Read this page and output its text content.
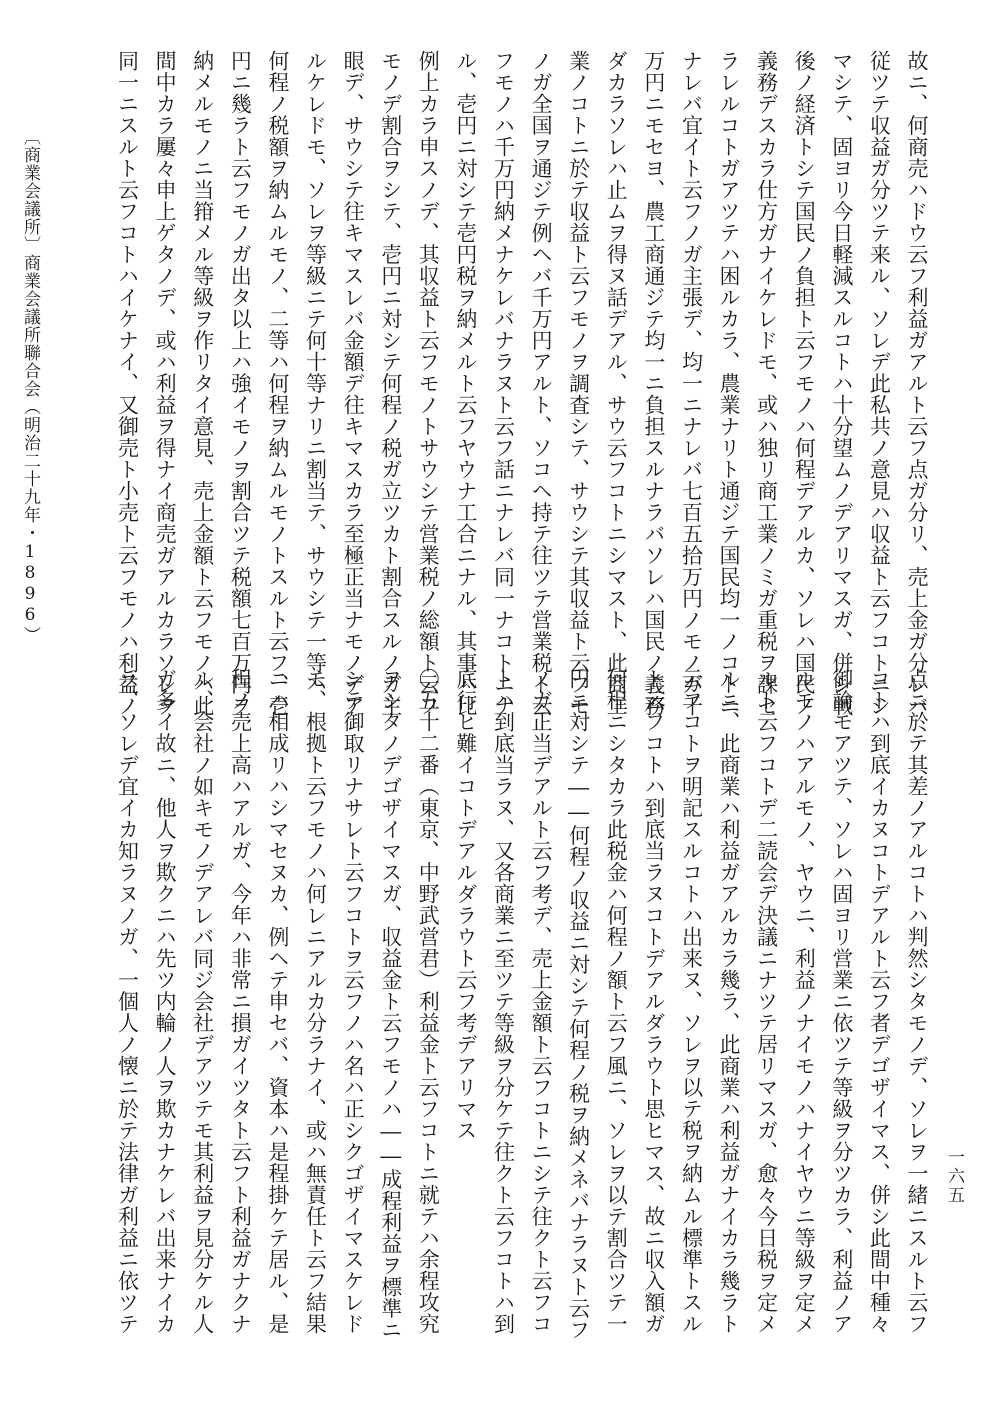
故ニ、何商売ハドウ云フ利益ガアルト云フ点ガ分リ、売上金ガ分レバ

従ツテ収益ガ分ツテ来ル、ソレデ此私共ノ意見ハ収益ト云フコトニシ

マシテ、固ヨリ今日軽減スルコトハ十分望ムノデアリマスガ、併シ戦

後ノ経済トシテ国民ノ負担ト云フモノハ何程デアルカ、ソレハ国民ノ

義務デスカラ仕方ガナイケレドモ、或ハ独リ商工業ノミガ重税ヲ課セ

ラレルコトガアツテハ困ルカラ、農業ナリト通ジテ国民均一ノコトニ

ナレバ宜イト云フノガ主張デ、均一ニナレバ七百五拾万円ノモノガ千

万円ニモセヨ、農工商通ジテ均一ニ負担スルナラバソレハ国民ノ義務

ダカラソレハ止ムヲ得ヌ話デアル、サウ云フコトニシマスト、此商工

業ノコトニ於テ収益ト云フモノヲ調査シテ、サウシテ其収益ト云フモ

ノガ全国ヲ通ジテ例ヘバ千万円アルト、ソコヘ持テ往ツテ営業税ト云

フモノハ千万円納メナケレバナラヌト云フ話ニナレバ同一ナコトニナ

ル、壱円ニ対シテ壱円税ヲ納メルト云フヤウナ工合ニナル、其事ハ比

例上カラ申スノデ、其収益ト云フモノトサウシテ営業税ノ総額ト云フ

モノデ割合ヲシテ、壱円ニ対シテ何程ノ税ガ立ツカト割合スルノガ主

眼デ、サウシテ往キマスレバ金額デ往キマスカラ至極正当ナモノデア

ルケレドモ、ソレヲ等級ニテ何十等ナリニ割当テ、サウシテ一等ハ

何程ノ税額ヲ納ムルモノ、二等ハ何程ヲ納ムルモノトスルト云フ、壱

円ニ幾ラト云フモノガ出タ以上ハ強イモノヲ割合ツテ税額七百万円ヲ

納メルモノニ当箝メル等級ヲ作リタイ意見、売上金額ト云フモノハ此

間中カラ屢々申上ゲタノデ、或ハ利益ヲ得ナイ商売ガアルカラソレヲ

同一ニスルト云フコトハイケナイ、又御売ト小売ト云フモノハ利益ノ

点ニ於テ其差ノアルコトハ判然シタモノデ、ソレヲ一緒ニスルト云フ

コトハ到底イカヌコトデアルト云フ者デゴザイマス、併シ此間中種々

御論モアツテ、ソレハ固ヨリ営業ニ依ツテ等級ヲ分ツカラ、利益ノア

ルモノハアルモノ、ヤウニ、利益ノナイモノハナイヤウニ等級ヲ定メ

ルト云フコトデ二読会デ決議ニナツテ居リマスガ、愈々今日税ヲ定メ

ルニ、此商業ハ利益ガアルカラ幾ラ、此商業ハ利益ガナイカラ幾ラト

云フコトヲ明記スルコトハ出来ヌ、ソレヲ以テ税ヲ納ムル標準トスル

ト云フコトハ到底当ラヌコトデアルダラウト思ヒマス、故ニ収入額ガ

何程ニシタカラ此税金ハ何程ノ額ト云フ風ニ、ソレヲ以テ割合ツテ一

円ニ対シテ――何程ノ収益ニ対シテ何程ノ税ヲ納メネバナラヌト云フ

ノガ正当デアルト云フ考デ、売上金額ト云フコトニシテ往クト云フコ

トハ到底当ラヌ、又各商業ニ至ツテ等級ヲ分ケテ往クト云フコトハ到

底行ヒ難イコトデアルダラウト云フ考デアリマス

〇五十二番（東京、中野武営君）利益金ト云フコトニ就テハ余程攻究

ヲシタノデゴザイマスガ、収益金ト云フモノハ――成程利益ヲ標準ニ

シテ御取リナサレト云フコトヲ云フノハ名ハ正シクゴザイマスケレド

モ、根拠ト云フモノハ何レニアルカ分ラナイ、或ハ無責任ト云フ結果

ニハ相成リハシマセヌカ、例ヘテ申セバ、資本ハ是程掛ケテ居ル、是

程ノ売上高ハアルガ、今年ハ非常ニ損ガイツタト云フト利益ガナクナ

ル、会社ノ如キモノデアレバ同ジ会社デアツテモ其利益ヲ見分ケル人

ガ多イ故ニ、他人ヲ欺クニハ先ツ内輪ノ人ヲ欺カナケレバ出来ナイカ

ラ、ソレデ宜イカ知ラヌノガ、一個人ノ懐ニ於テ法律ガ利益ニ依ツテ

〔商業会議所〕商業会議所聯合会（明治二十九年・1896）
一六五
